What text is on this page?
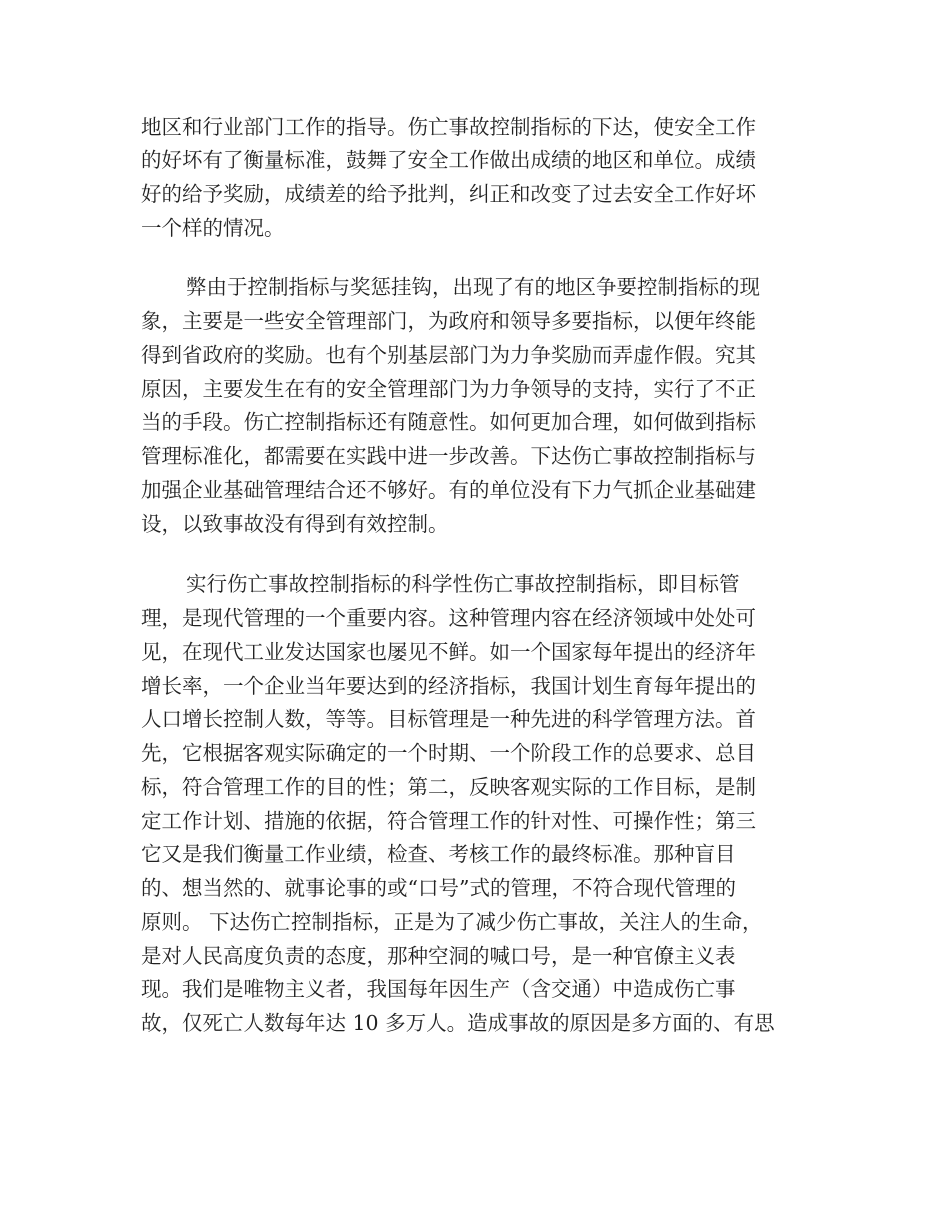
地区和行业部门工作的指导。伤亡事故控制指标的下达，使安全工作

的好坏有了衡量标准，鼓舞了安全工作做出成绩的地区和单位。成绩

好的给予奖励，成绩差的给予批判，纠正和改变了过去安全工作好坏

一个样的情况。

弊由于控制指标与奖惩挂钩，出现了有的地区争要控制指标的现

象，主要是一些安全管理部门，为政府和领导多要指标，以便年终能

得到省政府的奖励。也有个别基层部门为力争奖励而弄虚作假。究其

原因，主要发生在有的安全管理部门为力争领导的支持，实行了不正

当的手段。伤亡控制指标还有随意性。如何更加合理，如何做到指标

管理标准化，都需要在实践中进一步改善。下达伤亡事故控制指标与

加强企业基础管理结合还不够好。有的单位没有下力气抓企业基础建

设，以致事故没有得到有效控制。

实行伤亡事故控制指标的科学性伤亡事故控制指标，即目标管

理，是现代管理的一个重要内容。这种管理内容在经济领域中处处可

见，在现代工业发达国家也屡见不鲜。如一个国家每年提出的经济年

增长率，一个企业当年要达到的经济指标，我国计划生育每年提出的

人口增长控制人数，等等。目标管理是一种先进的科学管理方法。首

先，它根据客观实际确定的一个时期、一个阶段工作的总要求、总目

标，符合管理工作的目的性；第二，反映客观实际的工作目标，是制

定工作计划、措施的依据，符合管理工作的针对性、可操作性；第三

它又是我们衡量工作业绩，检查、考核工作的最终标准。那种盲目

的、想当然的、就事论事的或“口号”式的管理，不符合现代管理的

原则。 下达伤亡控制指标，正是为了减少伤亡事故，关注人的生命，

是对人民高度负责的态度，那种空洞的喊口号，是一种官僚主义表

现。我们是唯物主义者，我国每年因生产（含交通）中造成伤亡事

故，仅死亡人数每年达 10 多万人。造成事故的原因是多方面的、有思
